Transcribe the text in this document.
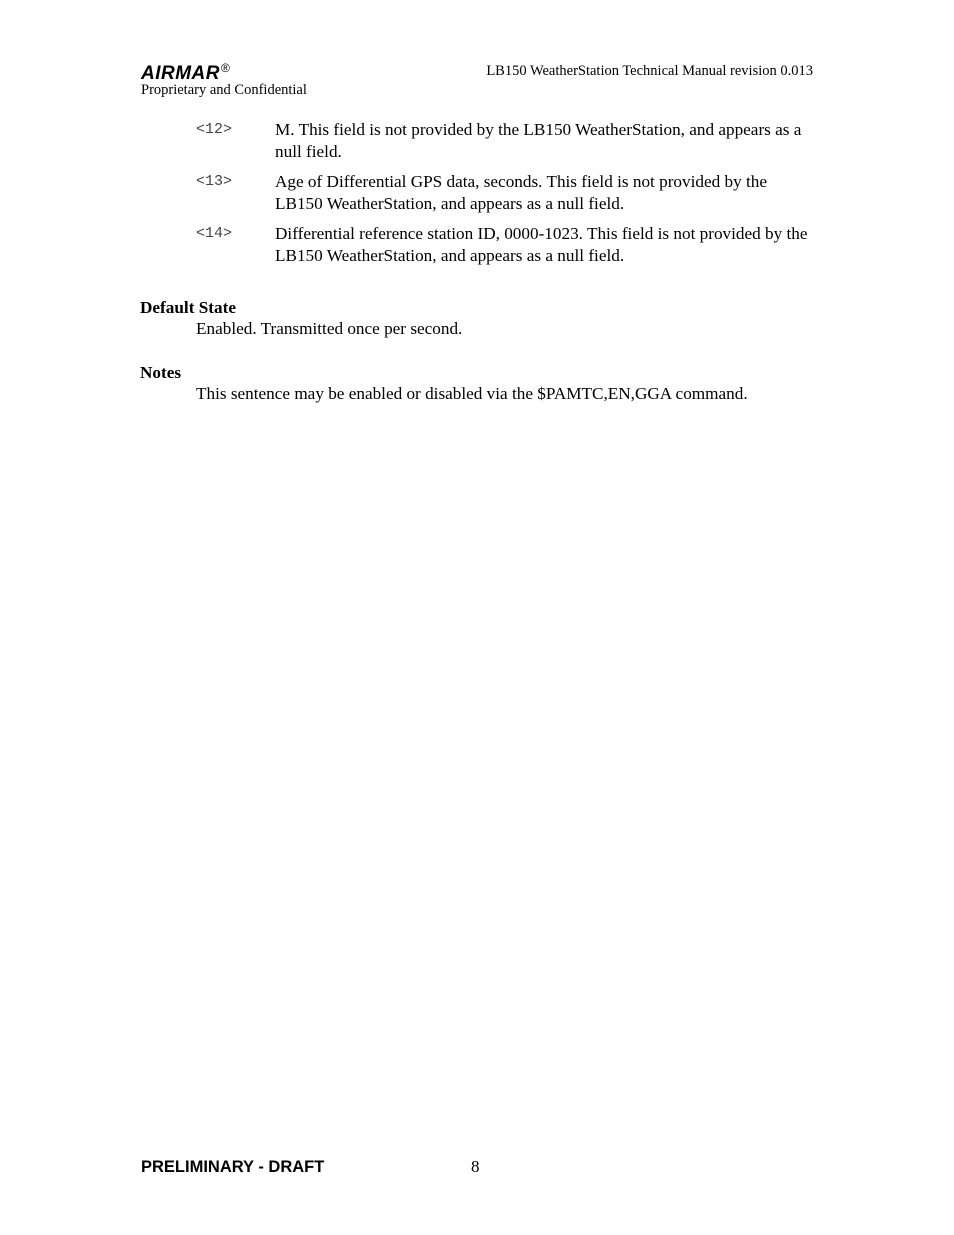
AIRMAR®	LB150 WeatherStation Technical Manual revision 0.013
Proprietary and Confidential
<12>	M. This field is not provided by the LB150 WeatherStation, and appears as a null field.
<13>	Age of Differential GPS data, seconds. This field is not provided by the LB150 WeatherStation, and appears as a null field.
<14>	Differential reference station ID, 0000-1023. This field is not provided by the LB150 WeatherStation, and appears as a null field.
Default State
Enabled. Transmitted once per second.
Notes
This sentence may be enabled or disabled via the $PAMTC,EN,GGA command.
PRELIMINARY - DRAFT	8
